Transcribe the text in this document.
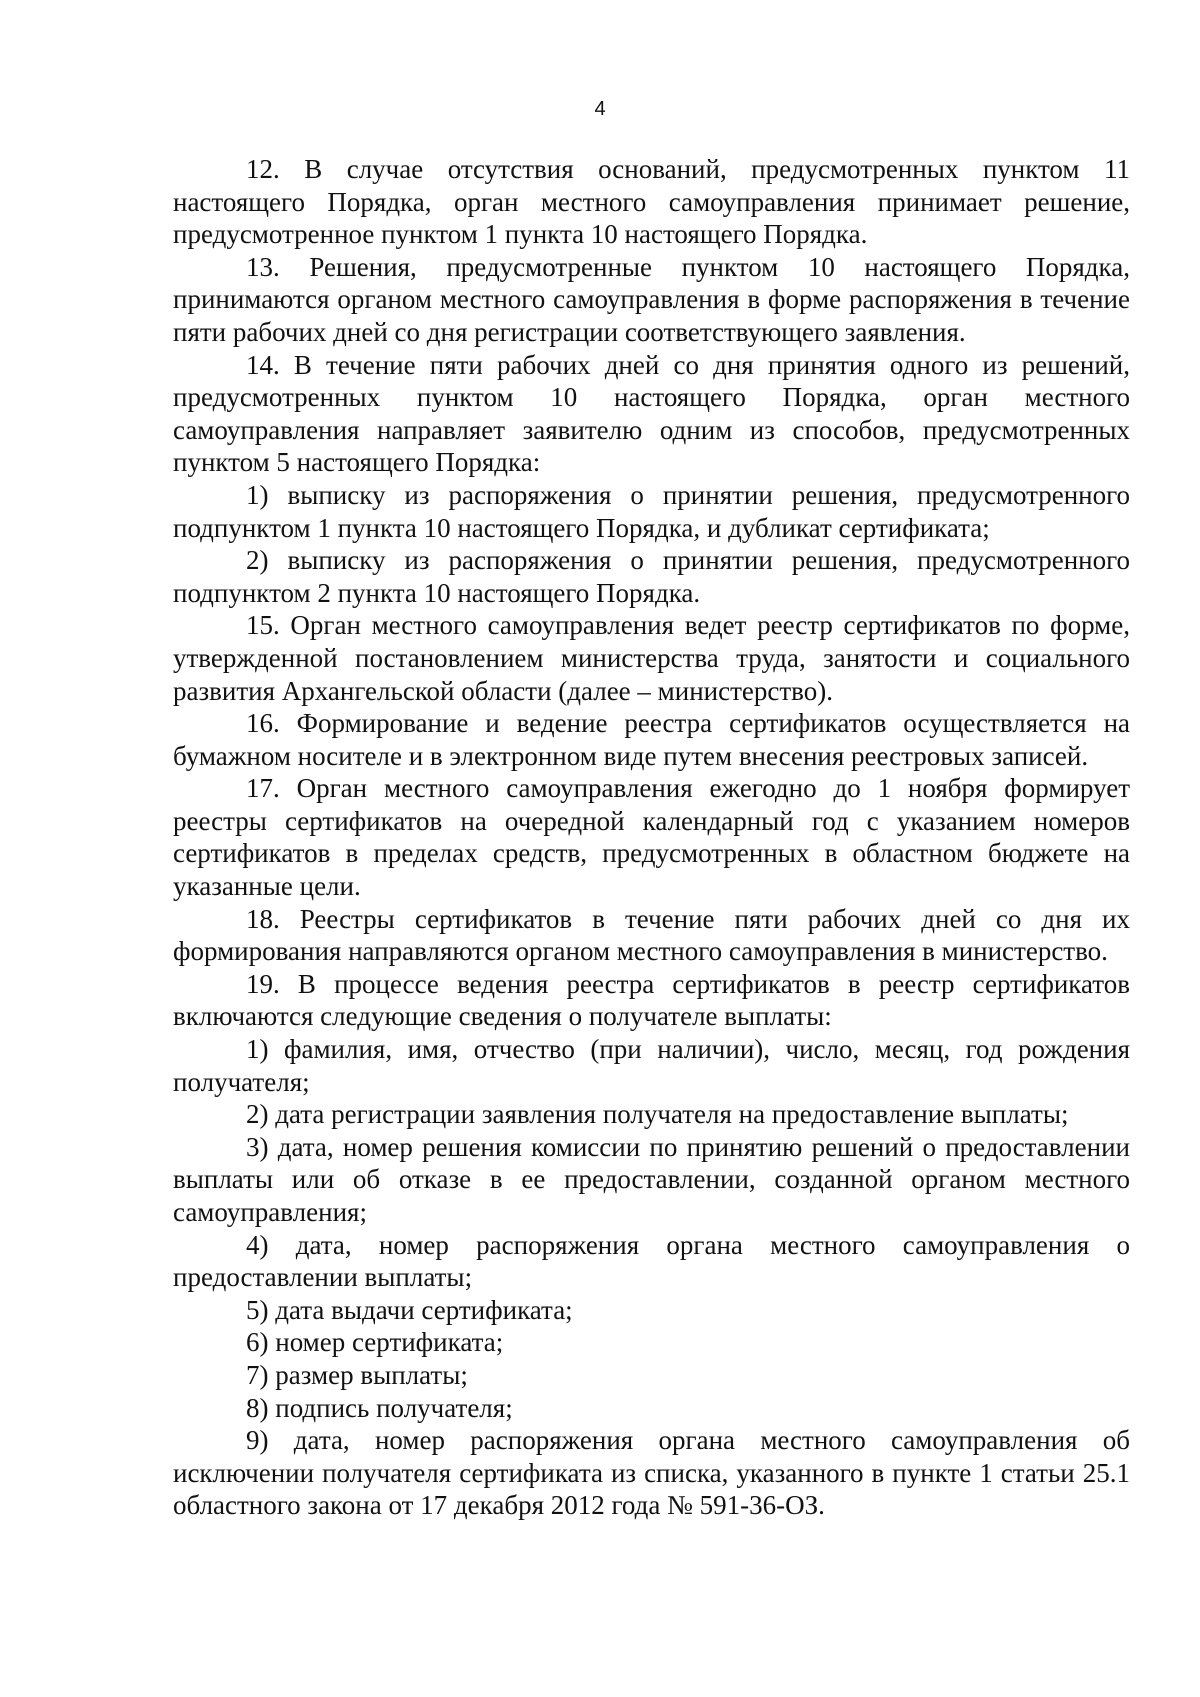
4

12. В случае отсутствия оснований, предусмотренных пунктом 11 настоящего Порядка, орган местного самоуправления принимает решение, предусмотренное пунктом 1 пункта 10 настоящего Порядка.

13. Решения, предусмотренные пунктом 10 настоящего Порядка, принимаются органом местного самоуправления в форме распоряжения в течение пяти рабочих дней со дня регистрации соответствующего заявления.

14. В течение пяти рабочих дней со дня принятия одного из решений, предусмотренных пунктом 10 настоящего Порядка, орган местного самоуправления направляет заявителю одним из способов, предусмотренных пунктом 5 настоящего Порядка:

1) выписку из распоряжения о принятии решения, предусмотренного подпунктом 1 пункта 10 настоящего Порядка, и дубликат сертификата;

2) выписку из распоряжения о принятии решения, предусмотренного подпунктом 2 пункта 10 настоящего Порядка.

15. Орган местного самоуправления ведет реестр сертификатов по форме, утвержденной постановлением министерства труда, занятости и социального развития Архангельской области (далее – министерство).

16. Формирование и ведение реестра сертификатов осуществляется на бумажном носителе и в электронном виде путем внесения реестровых записей.

17. Орган местного самоуправления ежегодно до 1 ноября формирует реестры сертификатов на очередной календарный год с указанием номеров сертификатов в пределах средств, предусмотренных в областном бюджете на указанные цели.

18. Реестры сертификатов в течение пяти рабочих дней со дня их формирования направляются органом местного самоуправления в министерство.

19. В процессе ведения реестра сертификатов в реестр сертификатов включаются следующие сведения о получателе выплаты:

1) фамилия, имя, отчество (при наличии), число, месяц, год рождения получателя;

2) дата регистрации заявления получателя на предоставление выплаты;

3) дата, номер решения комиссии по принятию решений о предоставлении выплаты или об отказе в ее предоставлении, созданной органом местного самоуправления;

4) дата, номер распоряжения органа местного самоуправления о предоставлении выплаты;

5) дата выдачи сертификата;

6) номер сертификата;

7) размер выплаты;

8) подпись получателя;

9) дата, номер распоряжения органа местного самоуправления об исключении получателя сертификата из списка, указанного в пункте 1 статьи 25.1 областного закона от 17 декабря 2012 года № 591-36-ОЗ.
